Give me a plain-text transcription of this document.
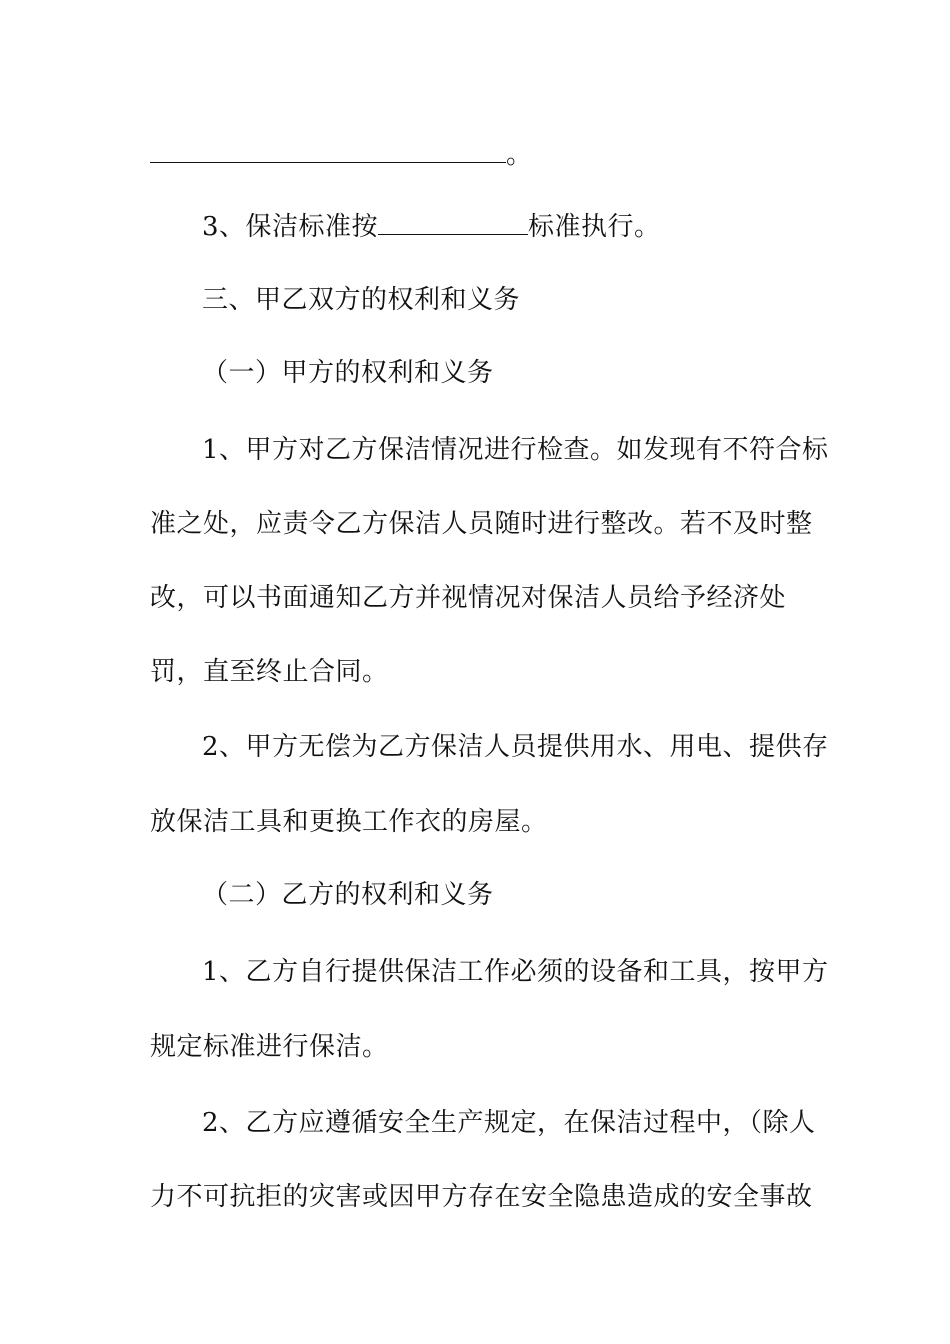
。
3、保洁标准按	标准执行。
三、甲乙双方的权利和义务
（一）甲方的权利和义务
1、甲方对乙方保洁情况进行检查。如发现有不符合标
准之处，应责令乙方保洁人员随时进行整改。若不及时整
改，可以书面通知乙方并视情况对保洁人员给予经济处
罚，直至终止合同。
2、甲方无偿为乙方保洁人员提供用水、用电、提供存
放保洁工具和更换工作衣的房屋。
（二）乙方的权利和义务
1、乙方自行提供保洁工作必须的设备和工具，按甲方
规定标准进行保洁。
2、乙方应遵循安全生产规定，在保洁过程中，（除人
力不可抗拒的灾害或因甲方存在安全隐患造成的安全事故
